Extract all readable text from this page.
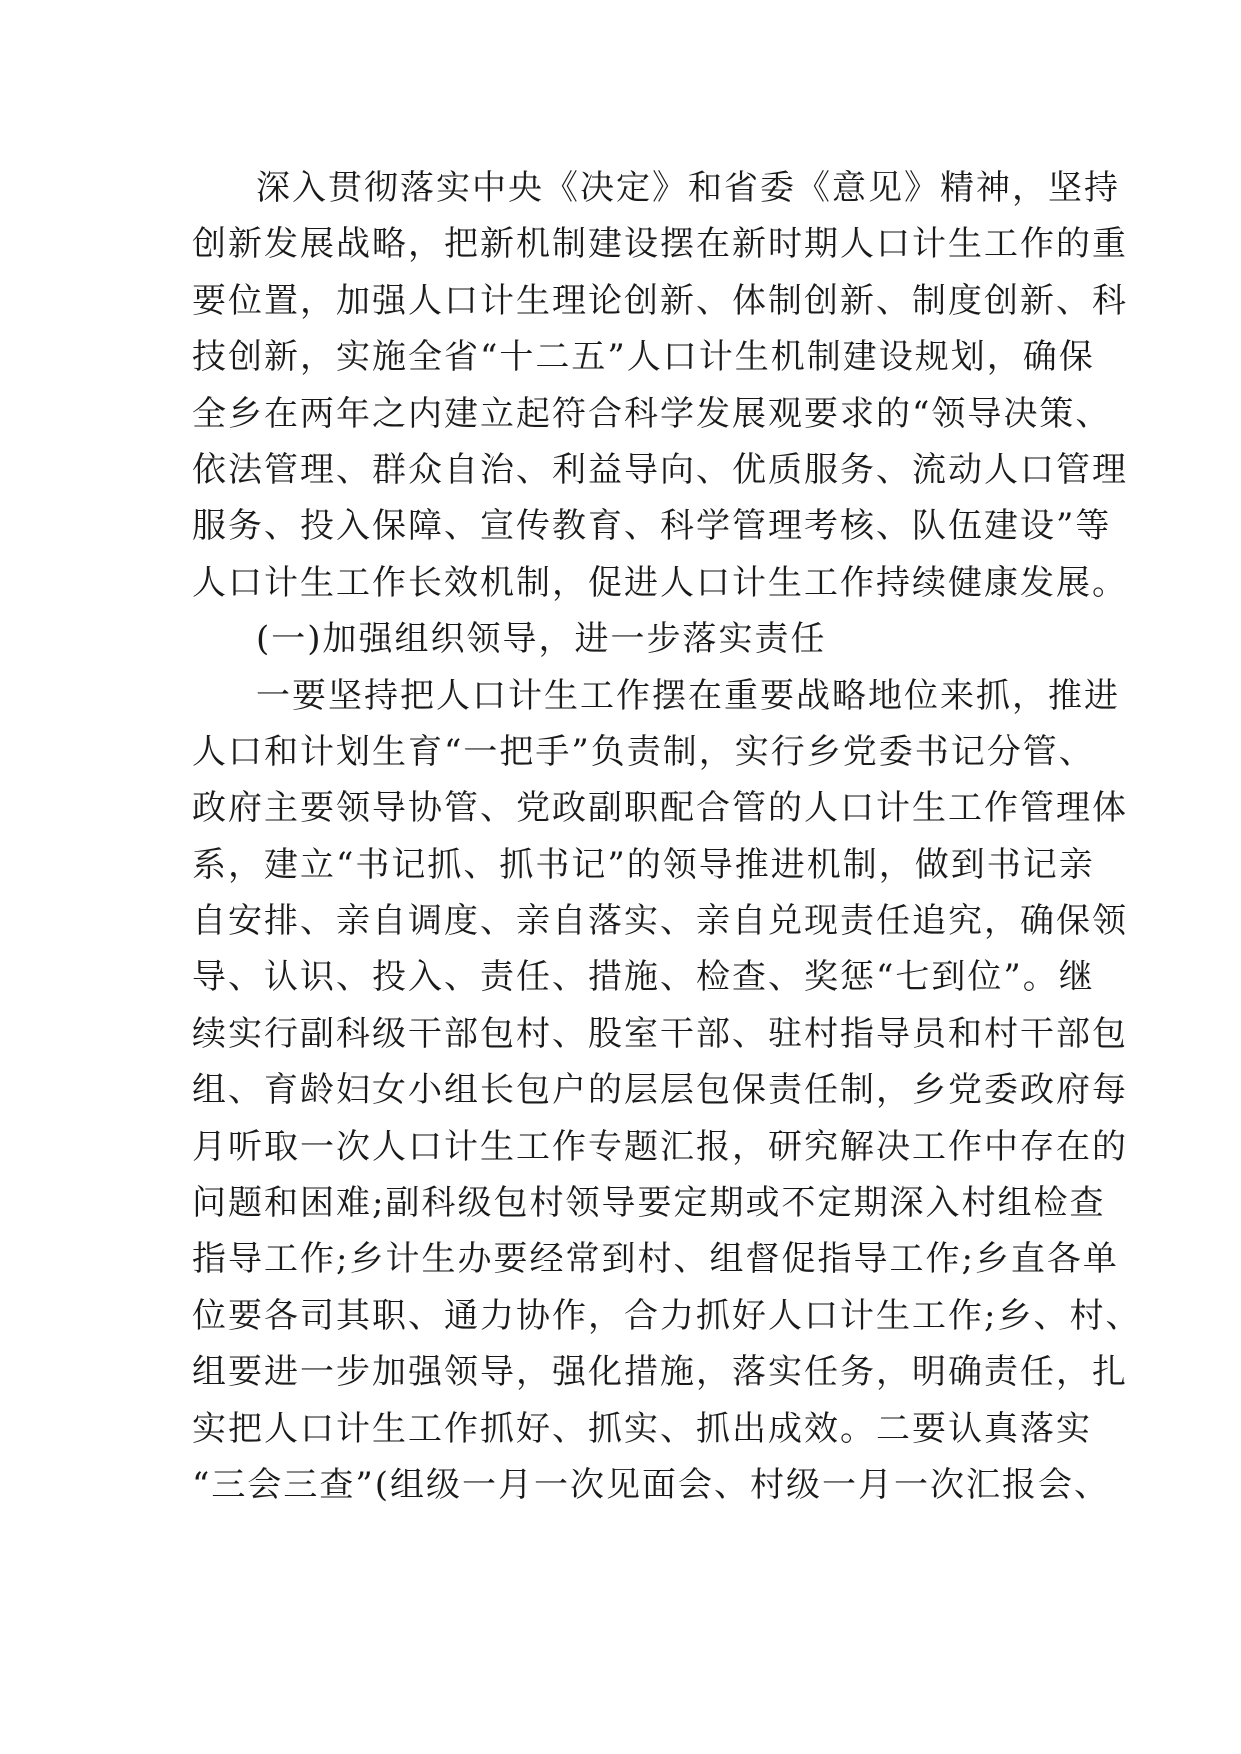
深入贯彻落实中央《决定》和省委《意见》精神，坚持
创新发展战略，把新机制建设摆在新时期人口计生工作的重
要位置，加强人口计生理论创新、体制创新、制度创新、科
技创新，实施全省“十二五”人口计生机制建设规划，确保
全乡在两年之内建立起符合科学发展观要求的“领导决策、
依法管理、群众自治、利益导向、优质服务、流动人口管理
服务、投入保障、宣传教育、科学管理考核、队伍建设”等
人口计生工作长效机制，促进人口计生工作持续健康发展。
(一)加强组织领导，进一步落实责任
一要坚持把人口计生工作摆在重要战略地位来抓，推进
人口和计划生育“一把手”负责制，实行乡党委书记分管、
政府主要领导协管、党政副职配合管的人口计生工作管理体
系，建立“书记抓、抓书记”的领导推进机制，做到书记亲
自安排、亲自调度、亲自落实、亲自兑现责任追究，确保领
导、认识、投入、责任、措施、检查、奖惩“七到位”。继
续实行副科级干部包村、股室干部、驻村指导员和村干部包
组、育龄妇女小组长包户的层层包保责任制，乡党委政府每
月听取一次人口计生工作专题汇报，研究解决工作中存在的
问题和困难;副科级包村领导要定期或不定期深入村组检查
指导工作;乡计生办要经常到村、组督促指导工作;乡直各单
位要各司其职、通力协作，合力抓好人口计生工作;乡、村、
组要进一步加强领导，强化措施，落实任务，明确责任，扎
实把人口计生工作抓好、抓实、抓出成效。二要认真落实
“三会三查”(组级一月一次见面会、村级一月一次汇报会、
